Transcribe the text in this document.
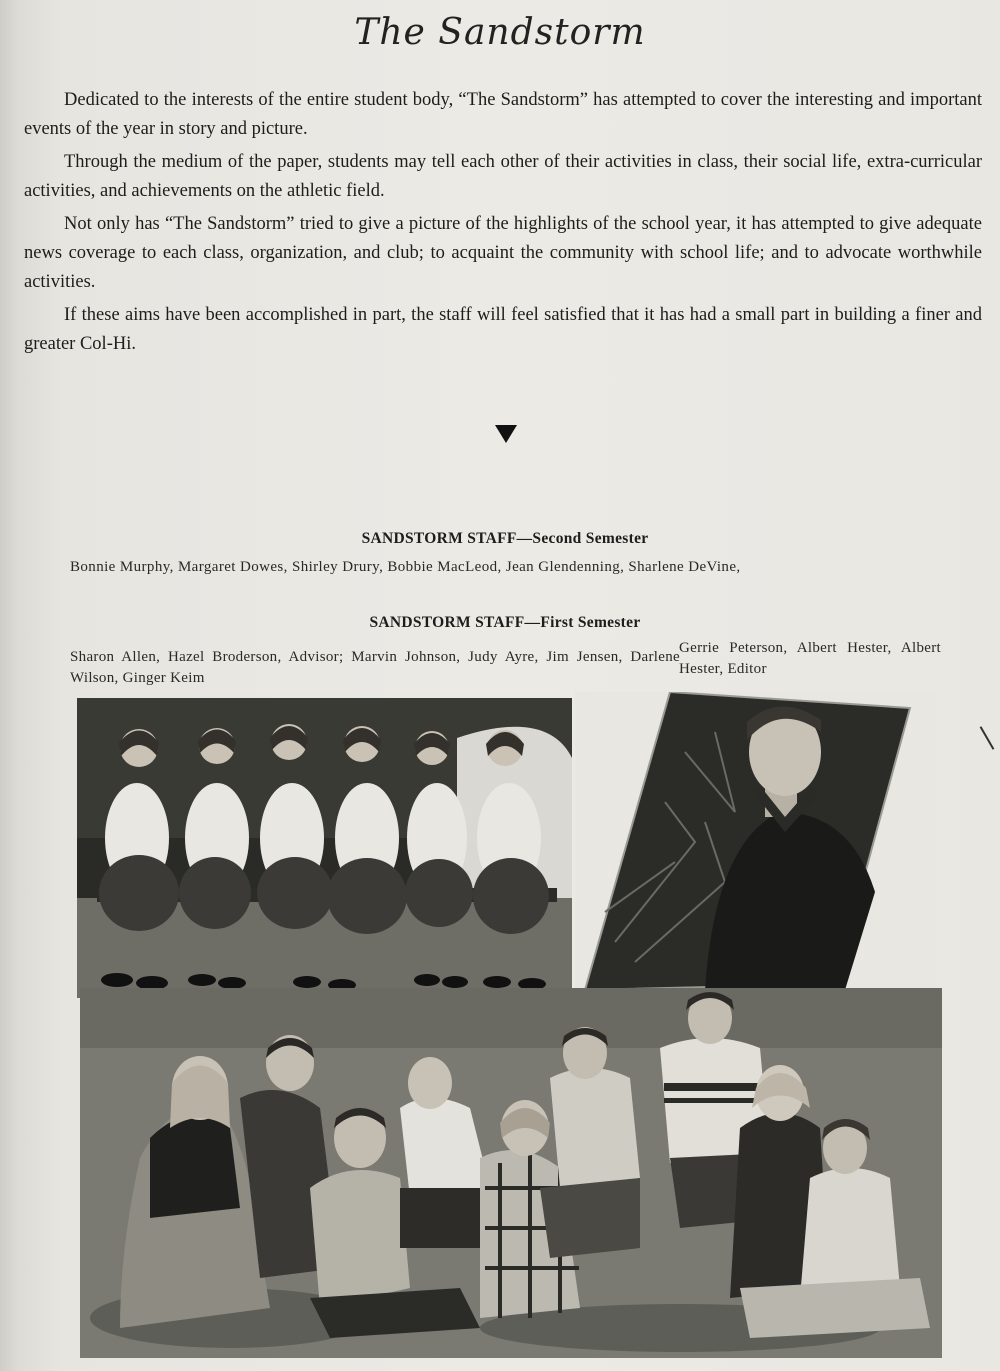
The Sandstorm

Dedicated to the interests of the entire student body, “The Sandstorm” has attempted to cover the interesting and important events of the year in story and picture.

Through the medium of the paper, students may tell each other of their activities in class, their social life, extra-curricular activities, and achievements on the athletic field.

Not only has “The Sandstorm” tried to give a picture of the highlights of the school year, it has attempted to give adequate news coverage to each class, organization, and club; to acquaint the community with school life; and to advocate worthwhile activities.

If these aims have been accomplished in part, the staff will feel satisfied that it has had a small part in building a finer and greater Col-Hi.

SANDSTORM STAFF—Second Semester
Bonnie Murphy, Margaret Dowes, Shirley Drury, Bobbie MacLeod, Jean Glendenning, Sharlene DeVine,
SANDSTORM STAFF—First Semester
Sharon Allen, Hazel Broderson, Advisor; Marvin Johnson, Judy Ayre, Jim Jensen, Darlene Wilson, Ginger Keim
Gerrie Peterson, Albert Hester, Albert Hester, Editor
